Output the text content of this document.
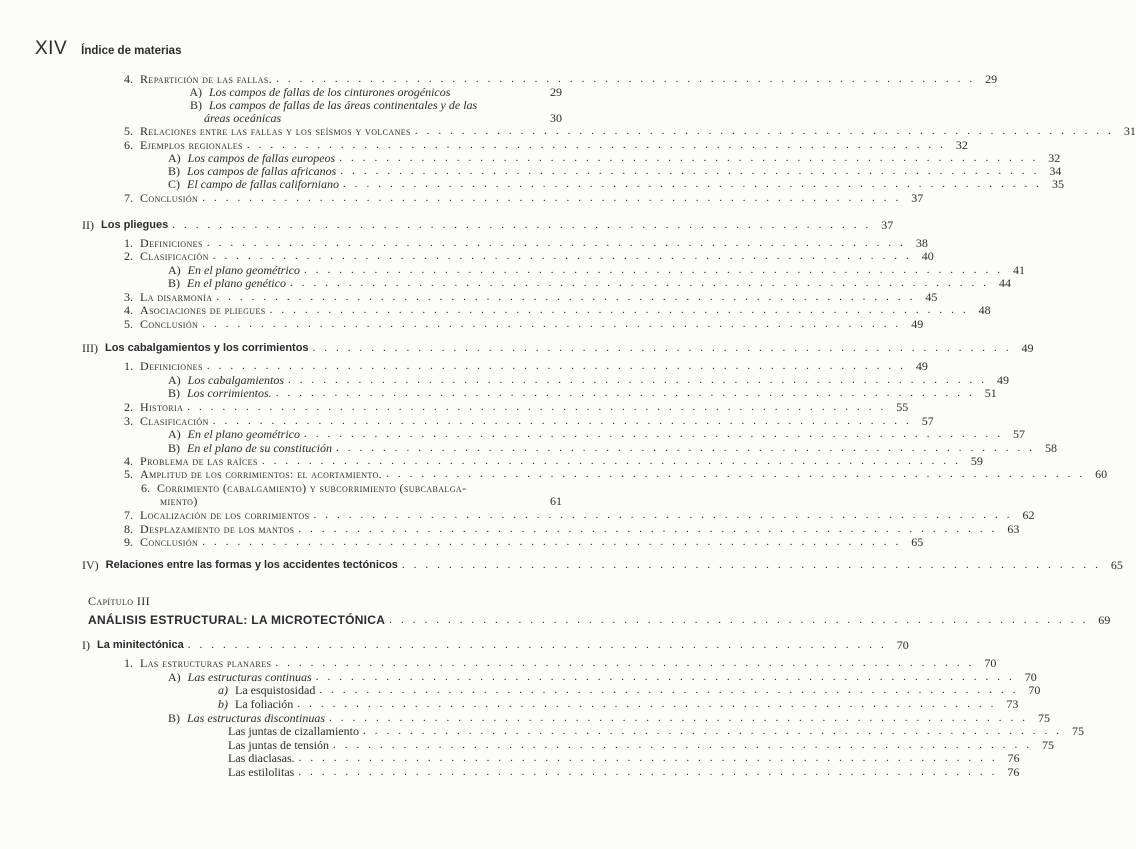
XIV Índice de materias
4. Repartición de las fallas. ............................................................ 29
A) Los campos de fallas de los cinturones orogénicos	29
B) Los campos de fallas de las áreas continentales y de las
áreas oceánicas	30
5. Relaciones entre las fallas y los seísmos y volcanes ............................................................ 31
6. Ejemplos regionales ............................................................ 32
A) Los campos de fallas europeos ............................................................ 32
B) Los campos de fallas africanos ............................................................ 34
C) El campo de fallas californiano ............................................................ 35
7. Conclusión ............................................................ 37
II) Los pliegues ............................................................ 37
1. Definiciones ............................................................ 38
2. Clasificación ............................................................ 40
A) En el plano geométrico ............................................................ 41
B) En el plano genético ............................................................ 44
3. La disarmonía ............................................................ 45
4. Asociaciones de pliegues ............................................................ 48
5. Conclusión ............................................................ 49
III) Los cabalgamientos y los corrimientos ............................................................ 49
1. Definiciones ............................................................ 49
A) Los cabalgamientos ............................................................ 49
B) Los corrimientos. ............................................................ 51
2. Historia ............................................................ 55
3. Clasificación ............................................................ 57
A) En el plano geométrico ............................................................ 57
B) En el plano de su constitución ............................................................ 58
4. Problema de las raíces ............................................................ 59
5. Amplitud de los corrimientos: el acortamiento. ............................................................ 60
6. Corrimiento (cabalgamiento) y subcorrimiento (subcabalga-
miento)	61
7. Localización de los corrimientos ............................................................ 62
8. Desplazamiento de los mantos ............................................................ 63
9. Conclusión ............................................................ 65
IV) Relaciones entre las formas y los accidentes tectónicos ............................................................ 65
Capítulo III
ANÁLISIS ESTRUCTURAL: LA MICROTECTÓNICA ............................................................ 69
I) La minitectónica ............................................................ 70
1. Las estructuras planares ............................................................ 70
A) Las estructuras continuas ............................................................ 70
a) La esquistosidad ............................................................ 70
b) La foliación ............................................................ 73
B) Las estructuras discontinuas ............................................................ 75
Las juntas de cizallamiento ............................................................ 75
Las juntas de tensión ............................................................ 75
Las diaclasas. ............................................................ 76
Las estilolitas ............................................................ 76
